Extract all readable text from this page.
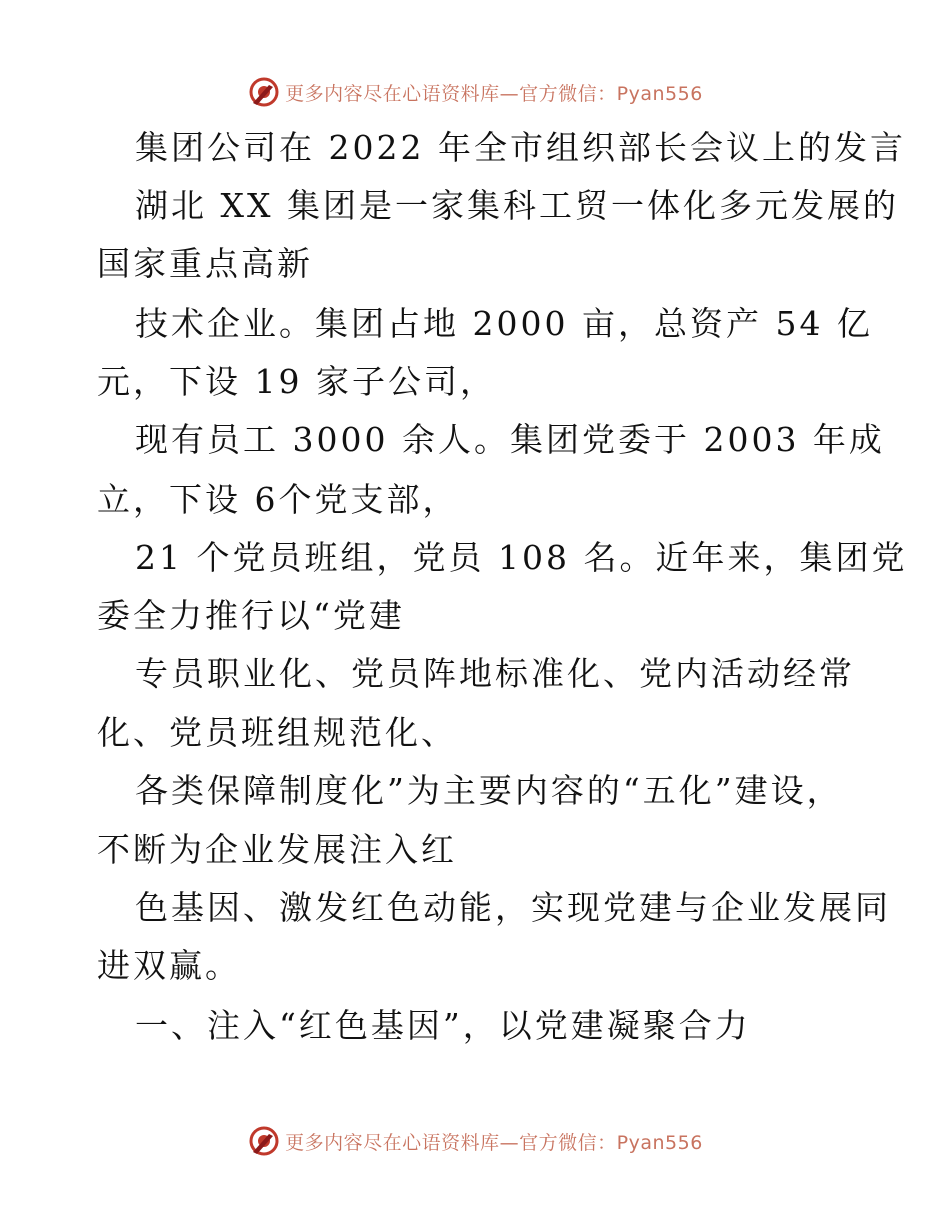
更多内容尽在心语资料库—官方微信：Pyan556

集团公司在 2022 年全市组织部长会议上的发言

湖北 XX 集团是一家集科工贸一体化多元发展的

国家重点高新

技术企业。集团占地 2000 亩，总资产 54 亿

元，下设 19 家子公司，

现有员工 3000 余人。集团党委于 2003 年成

立，下设 6个党支部，

21 个党员班组，党员 108 名。近年来，集团党

委全力推行以“党建

专员职业化、党员阵地标准化、党内活动经常

化、党员班组规范化、

各类保障制度化”为主要内容的“五化”建设，

不断为企业发展注入红

色基因、激发红色动能，实现党建与企业发展同

进双赢。

一、注入“红色基因”，以党建凝聚合力

更多内容尽在心语资料库—官方微信：Pyan556
